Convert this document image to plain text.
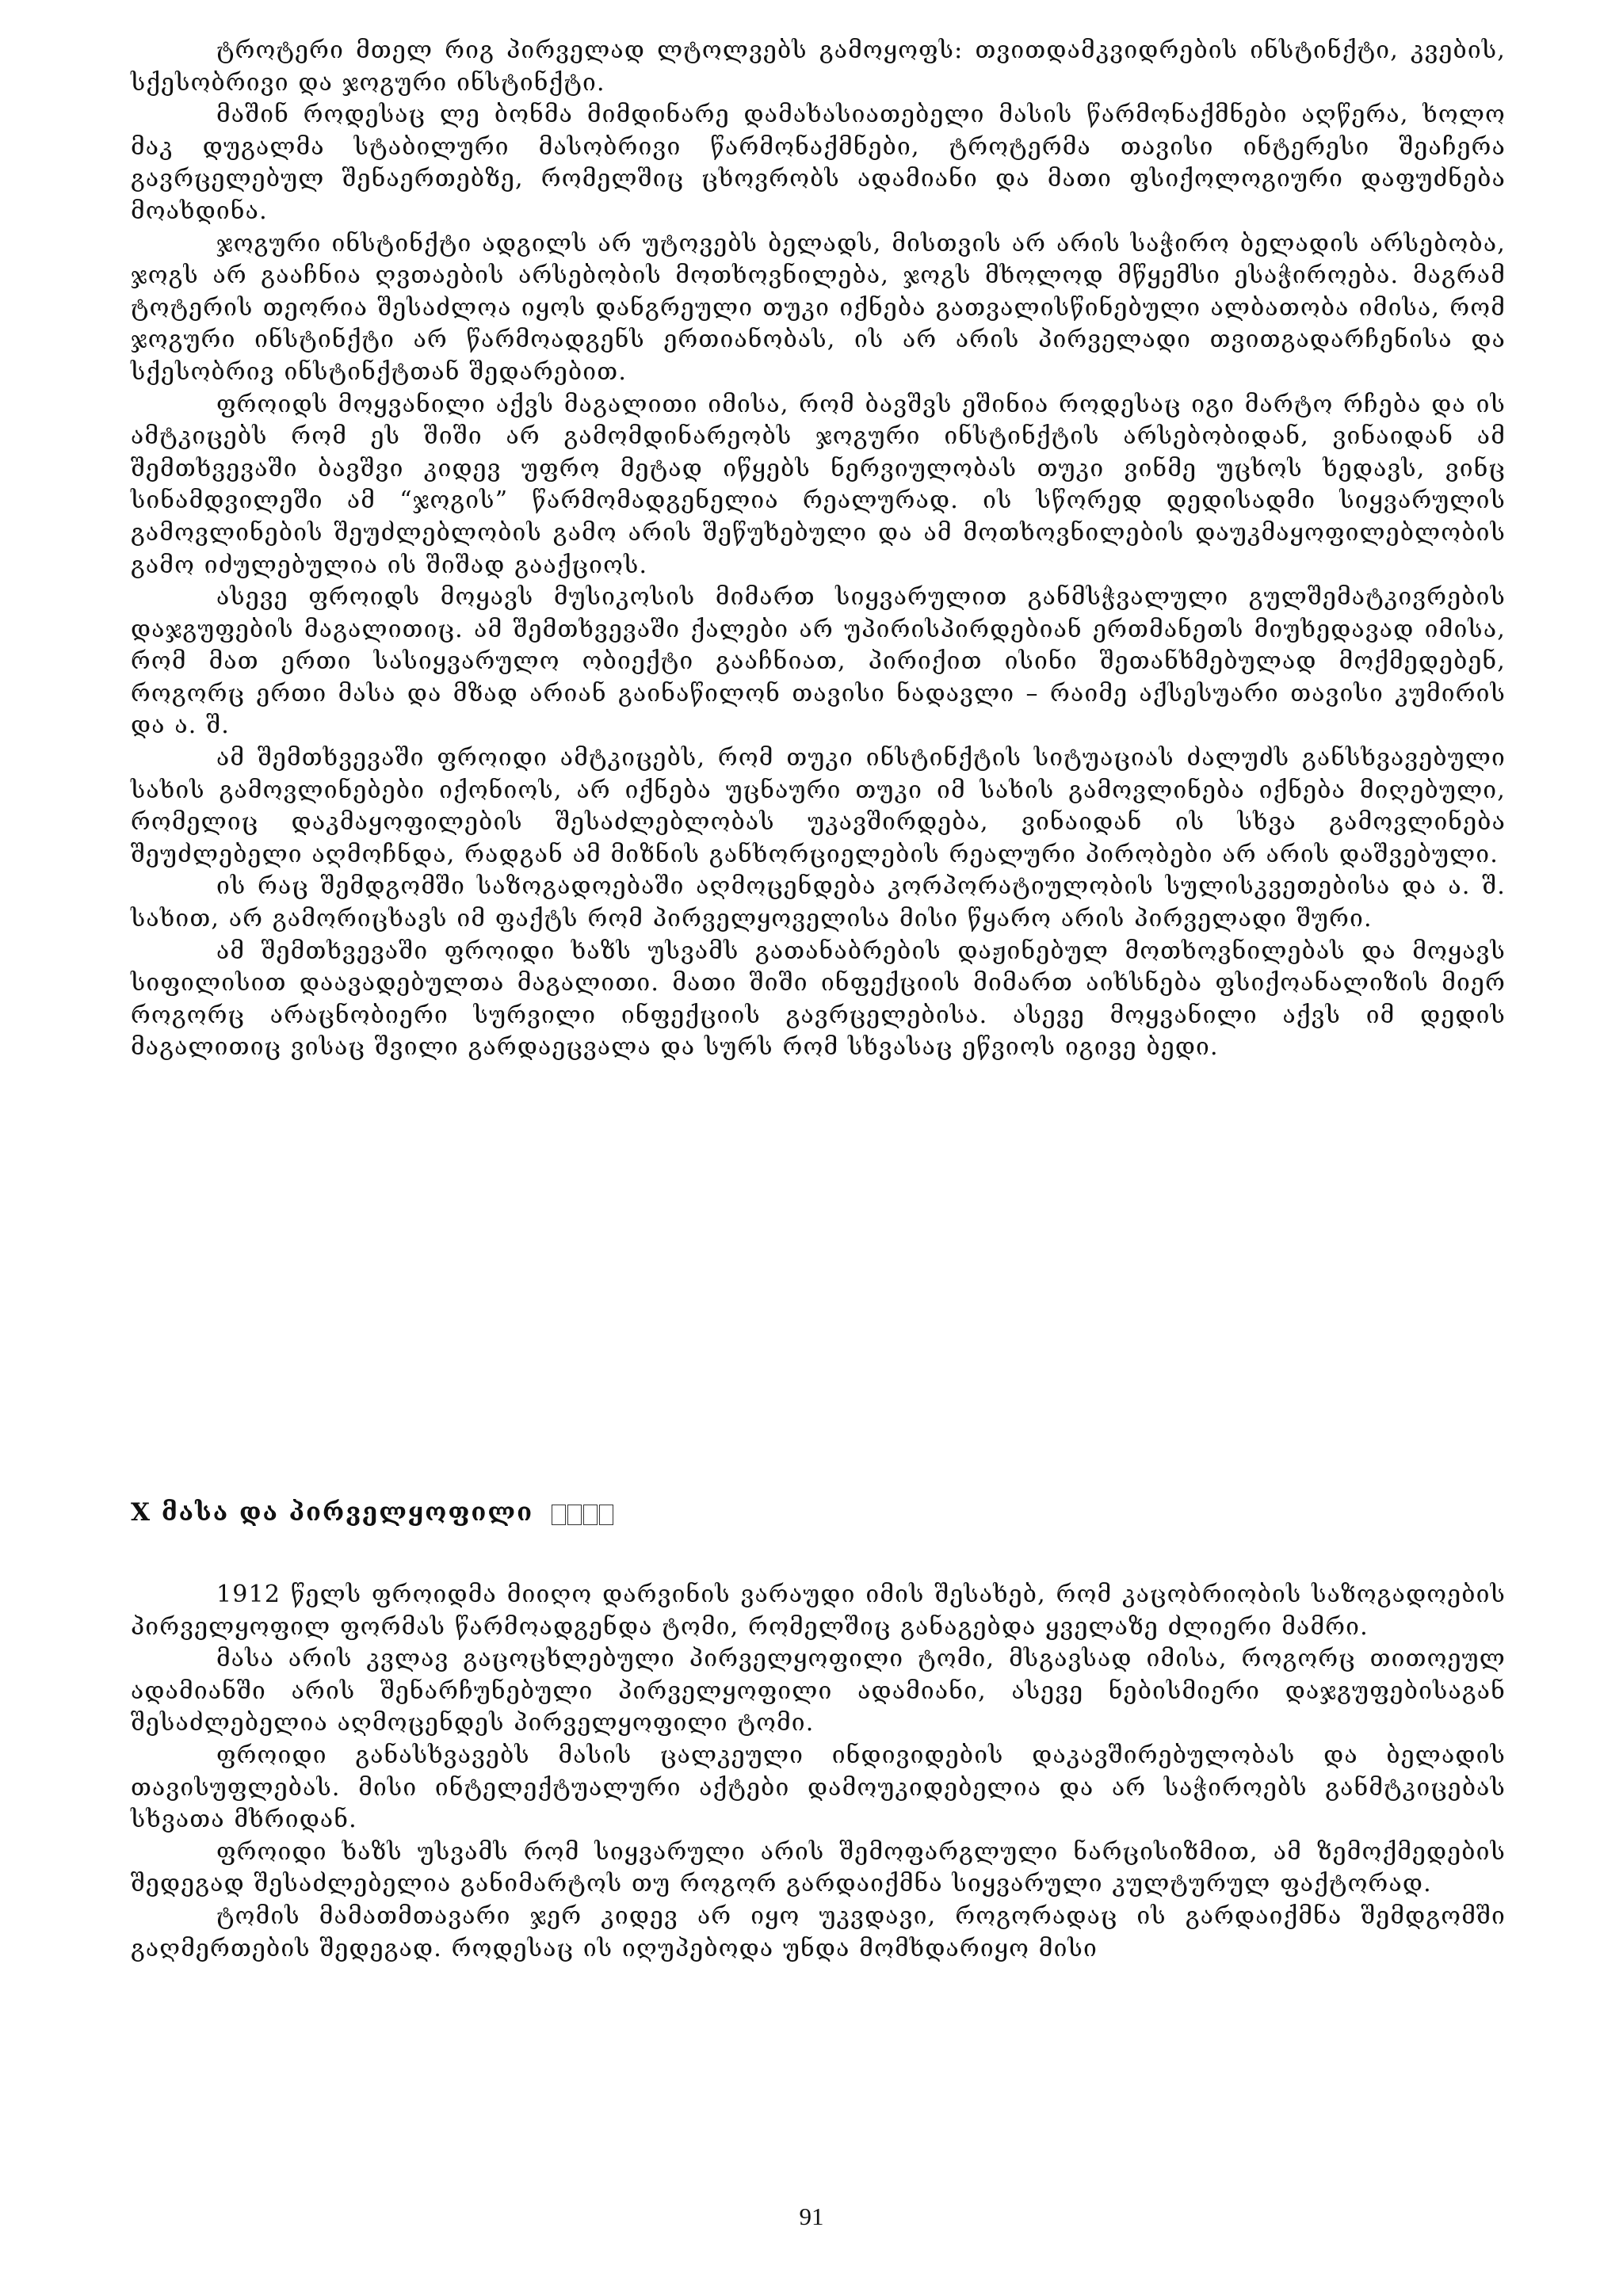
ტროტერი მთელ რიგ პირველად ლტოლვებს გამოყოფს: თვითდამკვიდრების ინსტინქტი, კვების, სქესობრივი და ჯოგური ინსტინქტი.

მაშინ როდესაც ლე ბონმა მიმდინარე დამახასიათებელი მასის წარმონაქმნები აღწერა, ხოლო მაკ დუგალმა სტაბილური მასობრივი წარმონაქმნები, ტროტერმა თავისი ინტერესი შეაჩერა გავრცელებულ შენაერთებზე, რომელშიც ცხოვრობს ადამიანი და მათი ფსიქოლოგიური დაფუძნება მოახდინა.

ჯოგური ინსტინქტი ადგილს არ უტოვებს ბელადს, მისთვის არ არის საჭირო ბელადის არსებობა, ჯოგს არ გააჩნია ღვთაების არსებობის მოთხოვნილება, ჯოგს მხოლოდ მწყემსი ესაჭიროება. მაგრამ ტოტერის თეორია შესაძლოა იყოს დანგრეული თუკი იქნება გათვალისწინებული ალბათობა იმისა, რომ ჯოგური ინსტინქტი არ წარმოადგენს ერთიანობას, ის არ არის პირველადი თვითგადარჩენისა და სქესობრივ ინსტინქტთან შედარებით.

ფროიდს მოყვანილი აქვს მაგალითი იმისა, რომ ბავშვს ეშინია როდესაც იგი მარტო რჩება და ის ამტკიცებს რომ ეს შიში არ გამომდინარეობს ჯოგური ინსტინქტის არსებობიდან, ვინაიდან ამ შემთხვევაში ბავშვი კიდევ უფრო მეტად იწყებს ნერვიულობას თუკი ვინმე უცხოს ხედავს, ვინც სინამდვილეში ამ “ჯოგის” წარმომადგენელია რეალურად. ის სწორედ დედისადმი სიყვარულის გამოვლინების შეუძლებლობის გამო არის შეწუხებული და ამ მოთხოვნილების დაუკმაყოფილებლობის გამო იძულებულია ის შიშად გააქციოს.

ასევე ფროიდს მოყავს მუსიკოსის მიმართ სიყვარულით განმსჭვალული გულშემატკივრების დაჯგუფების მაგალითიც. ამ შემთხვევაში ქალები არ უპირისპირდებიან ერთმანეთს მიუხედავად იმისა, რომ მათ ერთი სასიყვარულო ობიექტი გააჩნიათ, პირიქით ისინი შეთანხმებულად მოქმედებენ, როგორც ერთი მასა და მზად არიან გაინაწილონ თავისი ნადავლი – რაიმე აქსესუარი თავისი კუმირის და ა. შ.

ამ შემთხვევაში ფროიდი ამტკიცებს, რომ თუკი ინსტინქტის სიტუაციას ძალუძს განსხვავებული სახის გამოვლინებები იქონიოს, არ იქნება უცნაური თუკი იმ სახის გამოვლინება იქნება მიღებული, რომელიც დაკმაყოფილების შესაძლებლობას უკავშირდება, ვინაიდან ის სხვა გამოვლინება შეუძლებელი აღმოჩნდა, რადგან ამ მიზნის განხორციელების რეალური პირობები არ არის დაშვებული.

ის რაც შემდგომში საზოგადოებაში აღმოცენდება კორპორატიულობის სულისკვეთებისა და ა. შ. სახით, არ გამორიცხავს იმ ფაქტს რომ პირველყოველისა მისი წყარო არის პირველადი შური.

ამ შემთხვევაში ფროიდი ხაზს უსვამს გათანაბრების დაჟინებულ მოთხოვნილებას და მოყავს სიფილისით დაავადებულთა მაგალითი. მათი შიში ინფექციის მიმართ აიხსნება ფსიქოანალიზის მიერ როგორც არაცნობიერი სურვილი ინფექციის გავრცელებისა. ასევე მოყვანილი აქვს იმ დედის მაგალითიც ვისაც შვილი გარდაეცვალა და სურს რომ სხვასაც ეწვიოს იგივე ბედი.

X მასა და პირველყოფილი

1912 წელს ფროიდმა მიიღო დარვინის ვარაუდი იმის შესახებ, რომ კაცობრიობის საზოგადოების პირველყოფილ ფორმას წარმოადგენდა ტომი, რომელშიც განაგებდა ყველაზე ძლიერი მამრი.

მასა არის კვლავ გაცოცხლებული პირველყოფილი ტომი, მსგავსად იმისა, როგორც თითოეულ ადამიანში არის შენარჩუნებული პირველყოფილი ადამიანი, ასევე ნებისმიერი დაჯგუფებისაგან შესაძლებელია აღმოცენდეს პირველყოფილი ტომი.

ფროიდი განასხვავებს მასის ცალკეული ინდივიდების დაკავშირებულობას და ბელადის თავისუფლებას. მისი ინტელექტუალური აქტები დამოუკიდებელია და არ საჭიროებს განმტკიცებას სხვათა მხრიდან.

ფროიდი ხაზს უსვამს რომ სიყვარული არის შემოფარგლული ნარცისიზმით, ამ ზემოქმედების შედეგად შესაძლებელია განიმარტოს თუ როგორ გარდაიქმნა სიყვარული კულტურულ ფაქტორად.

ტომის მამათმთავარი ჯერ კიდევ არ იყო უკვდავი, როგორადაც ის გარდაიქმნა შემდგომში გაღმერთების შედეგად. როდესაც ის იღუპებოდა უნდა მომხდარიყო მისი

91
